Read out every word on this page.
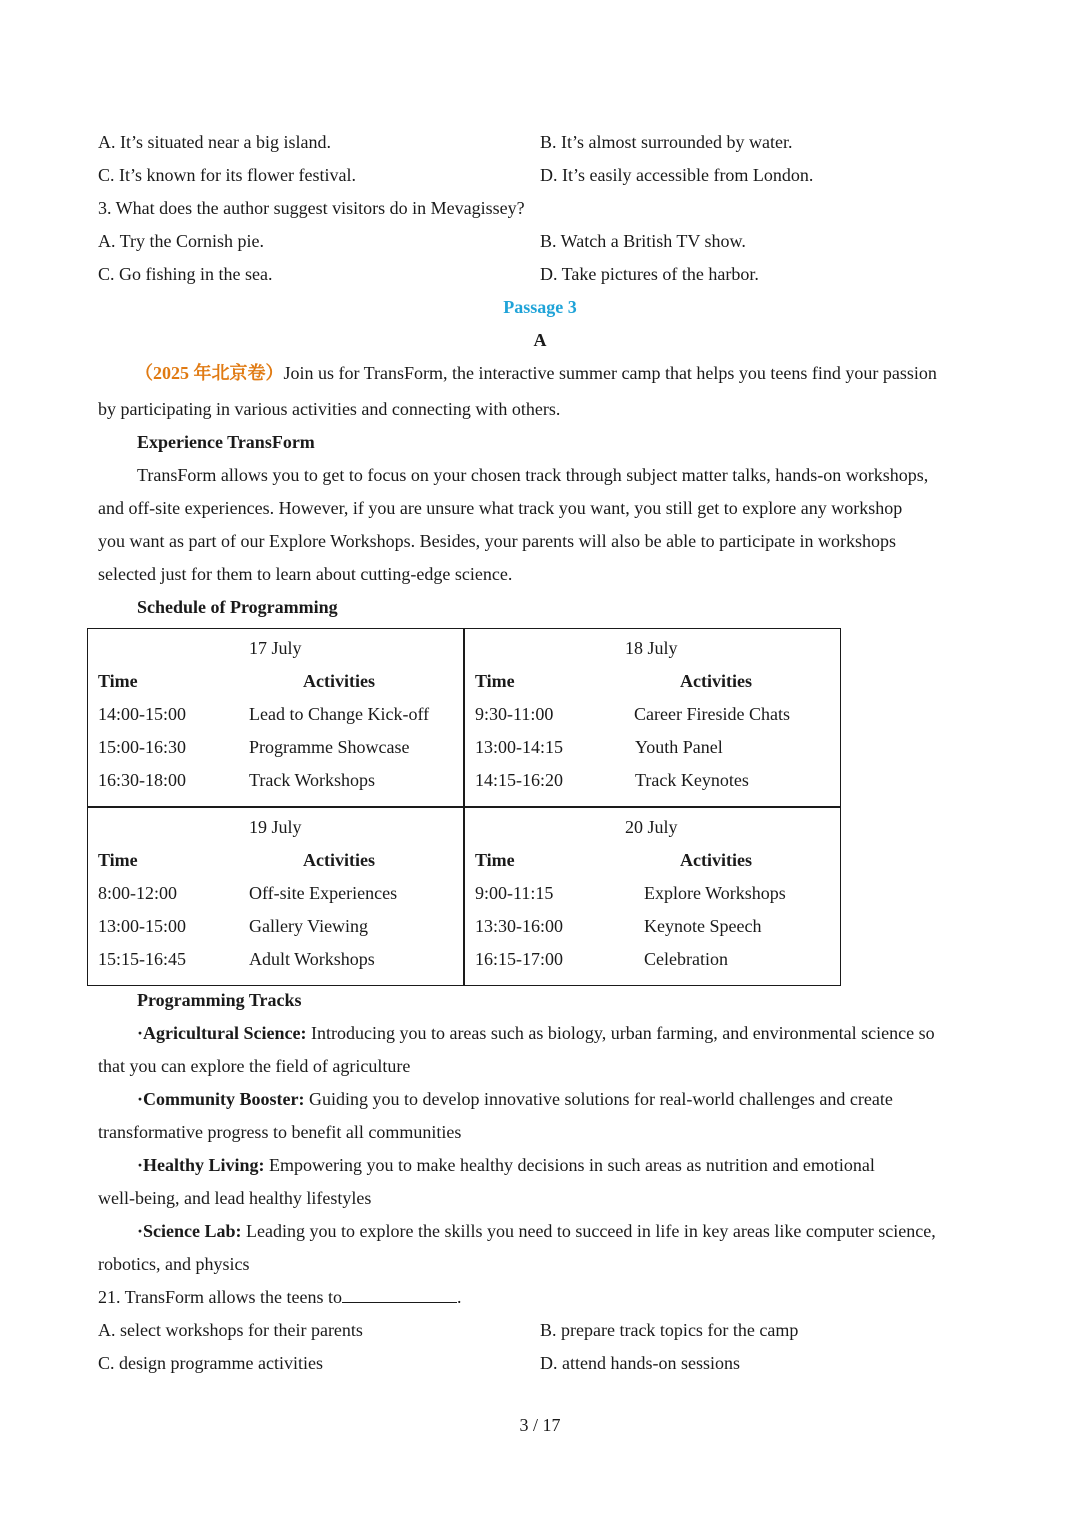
A. It’s situated near a big island.	B. It’s almost surrounded by water.
C. It’s known for its flower festival.	D. It’s easily accessible from London.
3. What does the author suggest visitors do in Mevagissey?
A. Try the Cornish pie.	B. Watch a British TV show.
C. Go fishing in the sea.	D. Take pictures of the harbor.
Passage 3
A
（2025 年北京卷）Join us for TransForm, the interactive summer camp that helps you teens find your passion
by participating in various activities and connecting with others.
Experience TransForm
TransForm allows you to get to focus on your chosen track through subject matter talks, hands-on workshops,
and off-site experiences. However, if you are unsure what track you want, you still get to explore any workshop
you want as part of our Explore Workshops. Besides, your parents will also be able to participate in workshops
selected just for them to learn about cutting-edge science.
Schedule of Programming
17 July
Time	Activities
14:00-15:00	Lead to Change Kick-off
15:00-16:30	Programme Showcase
16:30-18:00	Track Workshops
18 July
Time	Activities
9:30-11:00	Career Fireside Chats
13:00-14:15	Youth Panel
14:15-16:20	Track Keynotes
19 July
Time	Activities
8:00-12:00	Off-site Experiences
13:00-15:00	Gallery Viewing
15:15-16:45	Adult Workshops
20 July
Time	Activities
9:00-11:15	Explore Workshops
13:30-16:00	Keynote Speech
16:15-17:00	Celebration
Programming Tracks
·Agricultural Science: Introducing you to areas such as biology, urban farming, and environmental science so
that you can explore the field of agriculture
·Community Booster: Guiding you to develop innovative solutions for real-world challenges and create
transformative progress to benefit all communities
·Healthy Living: Empowering you to make healthy decisions in such areas as nutrition and emotional
well-being, and lead healthy lifestyles
·Science Lab: Leading you to explore the skills you need to succeed in life in key areas like computer science,
robotics, and physics
21. TransForm allows the teens to	.
A. select workshops for their parents	B. prepare track topics for the camp
C. design programme activities	D. attend hands-on sessions
3 / 17
